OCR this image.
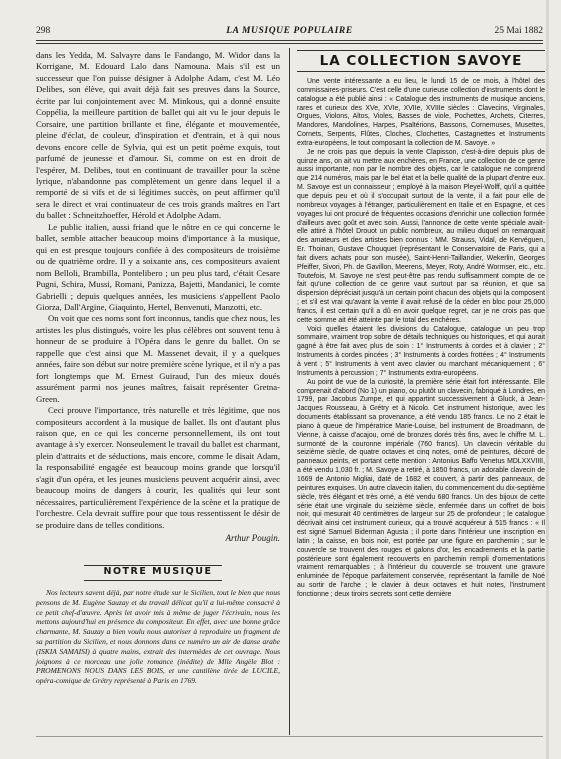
298	LA MUSIQUE POPULAIRE	25 Mai 1882

dans les Yedda, M. Salvayre dans le Fandango, M. Widor dans la Korrigane, M. Edouard Lalo dans Namouna. Mais s'il est un successeur que l'on puisse désigner à Adolphe Adam, c'est M. Léo Delibes, son élève, qui avait déjà fait ses preuves dans la Source, écrite par lui conjointement avec M. Minkous, qui a donné ensuite Coppélia, la meilleure partition de ballet qui ait vu le jour depuis le Corsaire, une partition brillante et fine, élégante et mouvementée, pleine d'éclat, de couleur, d'inspiration et d'entrain, et à qui nous devons encore celle de Sylvia, qui est un petit poème exquis, tout parfumé de jeunesse et d'amour. Si, comme on est en droit de l'espérer, M. Delibes, tout en continuant de travailler pour la scène lyrique, n'abandonne pas complètement un genre dans lequel il a remporté de si vifs et de si légitimes succès, on peut affirmer qu'il sera le direct et vrai continuateur de ces trois grands maîtres en l'art du ballet : Schneitzhoeffer, Hérold et Adolphe Adam.

Le public italien, aussi friand que le nôtre en ce qui concerne le ballet, semble attacher beaucoup moins d'importance à la musique, qui en est presque toujours confiée à des compositeurs de troisième ou de quatrième ordre. Il y a soixante ans, ces compositeurs avaient nom Belloli, Brambilla, Pontelibero ; un peu plus tard, c'était Cesare Pugni, Schira, Mussi, Romani, Panizza, Bajetti, Mandanici, le comte Gabrielli ; depuis quelques années, les musiciens s'appellent Paolo Giorza, Dall'Argine, Giaquinto, Hertel, Benvenuti, Manzotti, etc.

On voit que ces noms sont fort inconnus, tandis que chez nous, les artistes les plus distingués, voire les plus célèbres ont souvent tenu à honneur de se produire à l'Opéra dans le genre du ballet. On se rappelle que c'est ainsi que M. Massenet devait, il y a quelques années, faire son début sur notre première scène lyrique, et il n'y a pas fort longtemps que M. Ernest Guiraud, l'un des mieux doués assurément parmi nos jeunes maîtres, faisait représenter Gretna-Green.

Ceci prouve l'importance, très naturelle et très légitime, que nos compositeurs accordent à la musique de ballet. Ils ont d'autant plus raison que, en ce qui les concerne personnellement, ils ont tout avantage à s'y exercer. Nonseulement le travail du ballet est charmant, plein d'attraits et de séductions, mais encore, comme le disait Adam, la responsabilité engagée est beaucoup moins grande que lorsqu'il s'agit d'un opéra, et les jeunes musiciens peuvent acquérir ainsi, avec beaucoup moins de dangers à courir, les qualités qui leur sont nécessaires, particulièrement l'expérience de la scène et la pratique de l'orchestre. Cela devrait suffire pour que tous ressentissent le désir de se produire dans de telles conditions.

Arthur Pougin.
NOTRE MUSIQUE

Nos lecteurs savent déjà, par notre étude sur le Sicilien, tout le bien que nous pensons de M. Eugène Sauzay et du travail délicat qu'il a lui-même consacré à ce petit chef-d'œuvre. Après let avoir mis à même de juger l'écrivain, nous les mettons aujourd'hui en présence du compositeur. En effet, avec une bonne grâce charmante, M. Sauzay a bien voulu nous autoriser à reproduire un fragment de sa partition du Sicilien, et nous donnons dans ce numéro un air de danse arabe (ISKIA SAMAISI) à quatre mains, extrait des intermèdes de cet ouvrage. Nous joignons à ce morceau une jolie romance (inédite) de Mlle Angèle Blot : PROMENONS NOUS DANS LES BOIS, et une cantilène tirée de LUCILE, opéra-comique de Grétry représenté à Paris en 1769.

LA COLLECTION SAVOYE

Une vente intéressante a eu lieu, le lundi 15 de ce mois, à l'hôtel des commissaires-priseurs. C'est celle d'une curieuse collection d'instruments dont le catalogue a été publié ainsi : « Catalogue des instruments de musique anciens, rares et curieux des XVe, XVIe, XVIIe, XVIIIe siècles : Clavecins, Virginales, Orgues, Violons, Altos, Violes, Basses de viole, Pochettes, Archets, Citerres, Mandores, Mandolines, Harpes, Psaltérions, Bassons, Cornemuses, Musettes, Cornets, Serpents, Flûtes, Cloches, Clochettes, Castagnettes et Instruments extra-européens, le tout composant la collection de M. Savoye. »

Je ne crois pas que depuis la vente Clapisson, c'est-à-dire depuis plus de quinze ans, on ait vu mettre aux enchères, en France, une collection de ce genre aussi importante, non par le nombre des objets, car le catalogue ne comprend que 214 numéros, mais par le bel état et la belle qualité de la plupart d'entre eux. M. Savoye est un connaisseur ; employé à la maison Pleyel-Wolff, qu'il a quittée que depuis peu et où il s'occupait surtout de la vente, il a fait pour elle de nombreux voyages à l'étranger, particulièrement en Italie et en Espagne, et ces voyages lui ont procuré de fréquentes occasions d'enrichir une collection formée d'ailleurs avec goût et avec soin. Aussi, l'annonce de cette vente spéciale avait-elle attiré à l'hôtel Drouot un public nombreux, au milieu duquel on remarquait des amateurs et des artistes bien connus : MM. Strauss, Vidal, de Kervéguen, Er. Thoinan, Gustave Chouquet (représentant le Conservatoire de Paris, qui a fait divers achats pour son musée), Saint-Henri-Taillandier, Wekerlin, Georges Pfeiffer, Sivori, Ph. de Gavillon, Meerens, Meyer, Roty, André Wormser, etc., etc. Toutefois, M. Savoye ne s'est peut-être pas rendu suffisamment compte de ce fait qu'une collection de ce genre vaut surtout par sa réunion, et que sa dispersion dépréciait jusqu'à un certain point chacun des objets qui la composent ; et s'il est vrai qu'avant la vente il avait refusé de la céder en bloc pour 25,000 francs, il est certain qu'il a dû en avoir quelque regret, car je ne crois pas que cette somme ait été atteinte par le total des enchères.

Voici quelles étaient les divisions du Catalogue, catalogue un peu trop sommaire, vraiment trop sobre de détails techniques ou historiques, et qui aurait gagné à être fait avec plus de soin : 1° Instruments à cordes et à clavier ; 2° Instruments à cordes pincées ; 3° Instruments à cordes frottées ; 4° Instruments à vent ; 5° Instruments à vent avec clavier ou marchant mécaniquement ; 6° Instruments à percussion ; 7° Instruments extra-européens.

Au point de vue de la curiosité, la première série était fort intéressante. Elle comprenait d'abord (No 1) un piano, ou plutôt un clavecin, fabriqué à Londres, en 1799, par Jacobus Zumpe, et qui appartint successivement à Gluck, à Jean-Jacques Rousseau, à Grétry et à Nicolo. Cet instrument historique, avec les documents établissant sa provenance, a été vendu 185 francs. Le no 2 était le piano à queue de l'impératrice Marie-Louise, bel instrument de Broadmann, de Vienne, à caisse d'acajou, orné de bronzes dorés très fins, avec le chiffre M. L. surmonté de la couronne impériale (760 francs). Un clavecin véritable du seizième siècle, de quatre octaves et cinq notes, orné de peintures, décoré de panneaux peints, et portant cette mention : Antonius Baffo Venetus MDLXXVIIII, a été vendu 1,030 fr. ; M. Savoye a retiré, à 1850 francs, un adorable clavecin de 1669 de Antonio Migliai, daté de 1682 et couvert, à partir des panneaux, de peintures exquises. Un autre clavecin italien, du commencement du dix-septième siècle, très élégant et très orné, a été vendu 680 francs. Un des bijoux de cette série était une virginale du seizième siècle, enfermée dans un coffret de bois noir, qui mesurait 40 centimètres de largeur sur 25 de profondeur ; le catalogue décrivait ainsi cet instrument curieux, qui a trouvé acquéreur à 515 francs : « Il est signé Samuel Biderman Agusta ; il porte dans l'intérieur une inscription en latin ; la caisse, en bois noir, est portée par une figure en parchemin ; sur le couvercle se trouvent des rouges et galons d'or, les encadrements et la partie postérieure sont également recouverts en parchemin rempli d'ornementations vraiment remarquables ; à l'intérieur du couvercle se trouvent une gravure enluminée de l'époque parfaitement conservée, représentant la famille de Noé au sortir de l'arche ; le clavier à deux octaves et huit notes, l'instrument fonctionne ; deux tiroirs secrets sont cette dernière
